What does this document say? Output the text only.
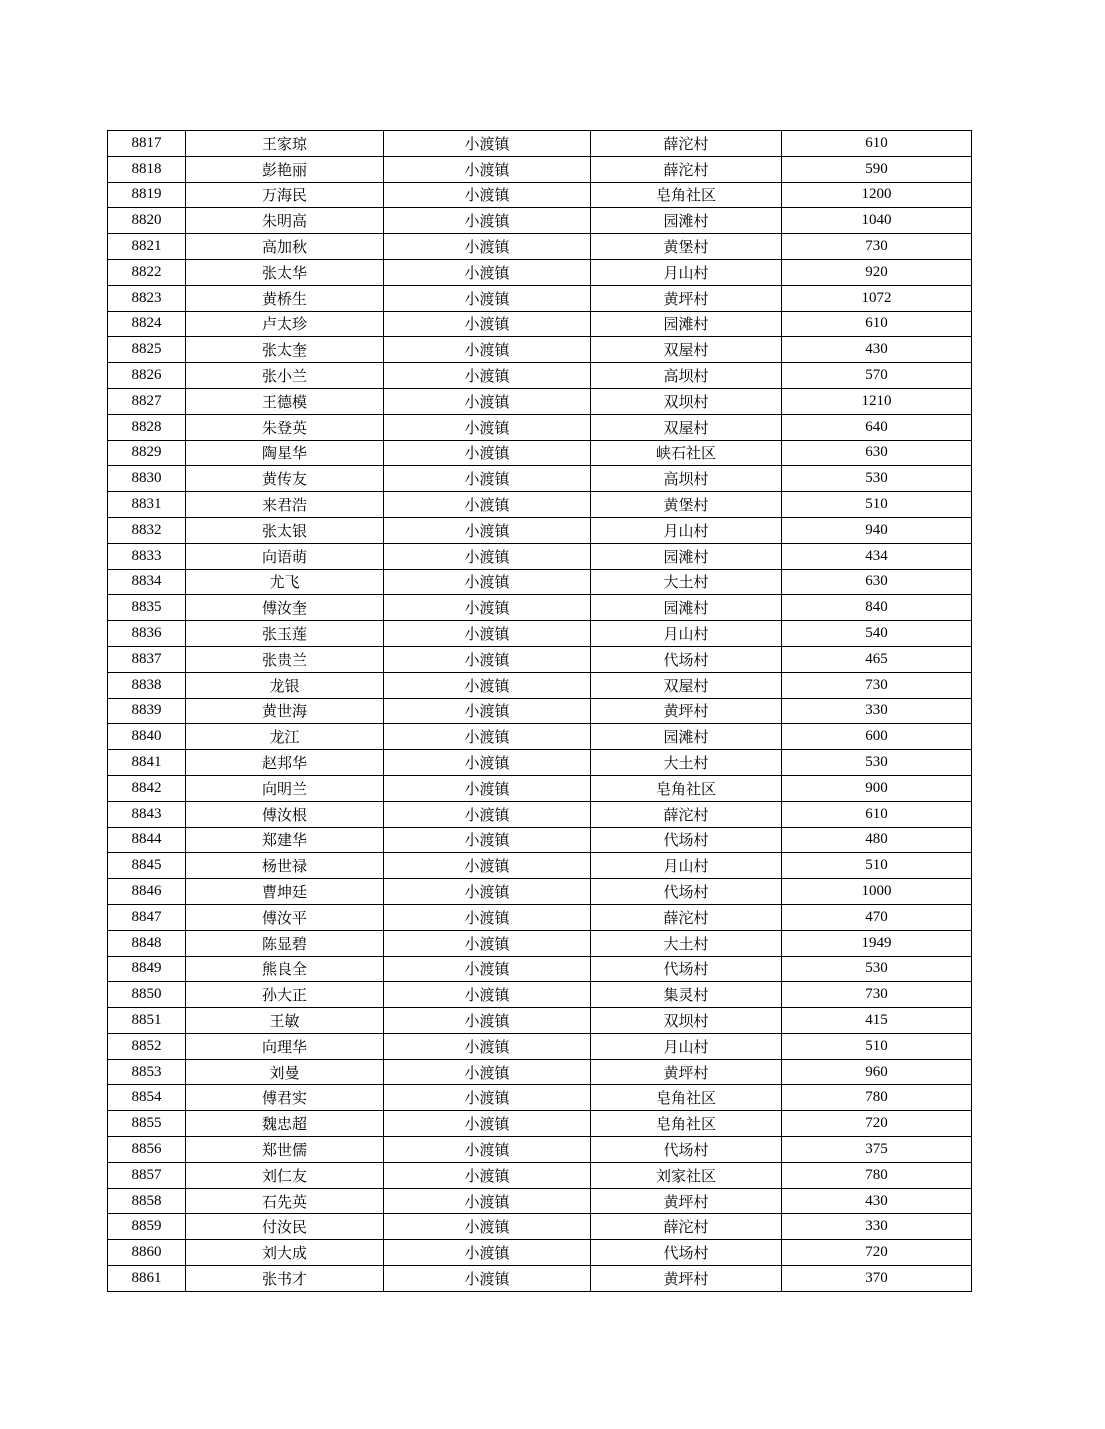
8817	王家琼	小渡镇	薛沱村	610
8818	彭艳丽	小渡镇	薛沱村	590
8819	万海民	小渡镇	皂角社区	1200
8820	朱明高	小渡镇	园滩村	1040
8821	高加秋	小渡镇	黄堡村	730
8822	张太华	小渡镇	月山村	920
8823	黄桥生	小渡镇	黄坪村	1072
8824	卢太珍	小渡镇	园滩村	610
8825	张太奎	小渡镇	双屋村	430
8826	张小兰	小渡镇	高坝村	570
8827	王德模	小渡镇	双坝村	1210
8828	朱登英	小渡镇	双屋村	640
8829	陶星华	小渡镇	峡石社区	630
8830	黄传友	小渡镇	高坝村	530
8831	来君浩	小渡镇	黄堡村	510
8832	张太银	小渡镇	月山村	940
8833	向语萌	小渡镇	园滩村	434
8834	尤飞	小渡镇	大土村	630
8835	傅汝奎	小渡镇	园滩村	840
8836	张玉莲	小渡镇	月山村	540
8837	张贵兰	小渡镇	代场村	465
8838	龙银	小渡镇	双屋村	730
8839	黄世海	小渡镇	黄坪村	330
8840	龙江	小渡镇	园滩村	600
8841	赵邦华	小渡镇	大土村	530
8842	向明兰	小渡镇	皂角社区	900
8843	傅汝根	小渡镇	薛沱村	610
8844	郑建华	小渡镇	代场村	480
8845	杨世禄	小渡镇	月山村	510
8846	曹坤廷	小渡镇	代场村	1000
8847	傅汝平	小渡镇	薛沱村	470
8848	陈显碧	小渡镇	大土村	1949
8849	熊良全	小渡镇	代场村	530
8850	孙大正	小渡镇	集灵村	730
8851	王敏	小渡镇	双坝村	415
8852	向理华	小渡镇	月山村	510
8853	刘曼	小渡镇	黄坪村	960
8854	傅君实	小渡镇	皂角社区	780
8855	魏忠超	小渡镇	皂角社区	720
8856	郑世儒	小渡镇	代场村	375
8857	刘仁友	小渡镇	刘家社区	780
8858	石先英	小渡镇	黄坪村	430
8859	付汝民	小渡镇	薛沱村	330
8860	刘大成	小渡镇	代场村	720
8861	张书才	小渡镇	黄坪村	370
